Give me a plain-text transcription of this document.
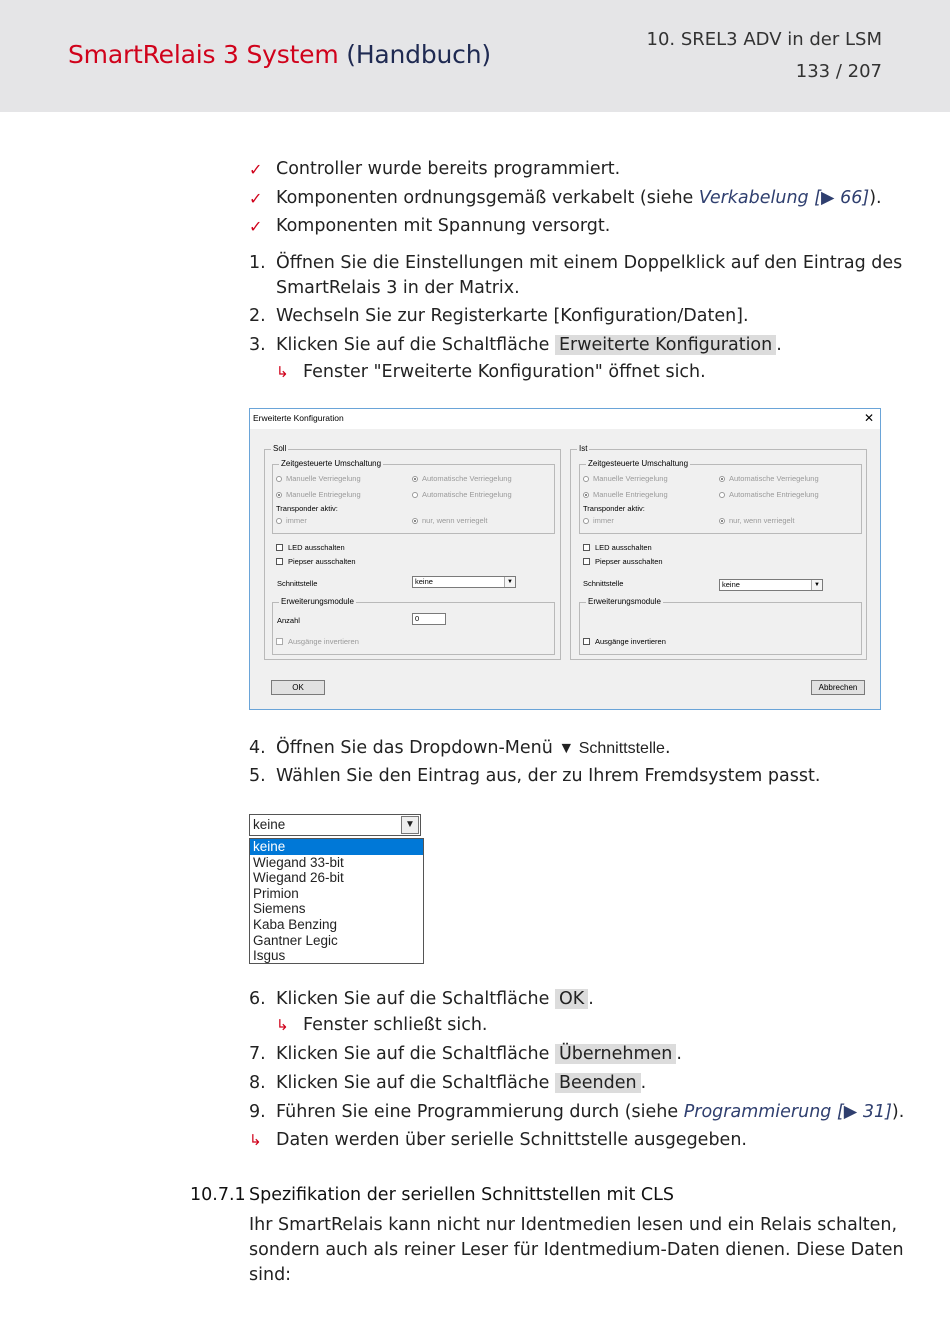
SmartRelais 3 System (Handbuch)
10. SREL3 ADV in der LSM
133 / 207
✓ Controller wurde bereits programmiert.
✓ Komponenten ordnungsgemäß verkabelt (siehe Verkabelung [▶ 66]).
✓ Komponenten mit Spannung versorgt.
1. Öffnen Sie die Einstellungen mit einem Doppelklick auf den Eintrag des
SmartRelais 3 in der Matrix.
2. Wechseln Sie zur Registerkarte [Konfiguration/Daten].
3. Klicken Sie auf die Schaltfläche Erweiterte Konfiguration .
↳ Fenster "Erweiterte Konfiguration" öffnet sich.
Erweiterte Konfiguration	✕
Soll
Zeitgesteuerte Umschaltung
Manuelle Verriegelung	Automatische Verriegelung
Manuelle Entriegelung	Automatische Entriegelung
Transponder aktiv:
immer	nur, wenn verriegelt
LED ausschalten
Piepser ausschalten
Schnittstelle	keine	▼
Erweiterungsmodule
Anzahl	0
Ausgänge invertieren
Ist
Zeitgesteuerte Umschaltung
Manuelle Verriegelung	Automatische Verriegelung
Manuelle Entriegelung	Automatische Entriegelung
Transponder aktiv:
immer	nur, wenn verriegelt
LED ausschalten
Piepser ausschalten
Schnittstelle	keine	▼
Erweiterungsmodule
Ausgänge invertieren
OK	Abbrechen
4. Öffnen Sie das Dropdown-Menü ▼ Schnittstelle.
5. Wählen Sie den Eintrag aus, der zu Ihrem Fremdsystem passt.
keine	▼
keine
Wiegand 33-bit
Wiegand 26-bit
Primion
Siemens
Kaba Benzing
Gantner Legic
Isgus
6. Klicken Sie auf die Schaltfläche OK .
↳ Fenster schließt sich.
7. Klicken Sie auf die Schaltfläche Übernehmen .
8. Klicken Sie auf die Schaltfläche Beenden .
9. Führen Sie eine Programmierung durch (siehe Programmierung [▶ 31]).
↳ Daten werden über serielle Schnittstelle ausgegeben.
10.7.1 Spezifikation der seriellen Schnittstellen mit CLS
Ihr SmartRelais kann nicht nur Identmedien lesen und ein Relais schalten,
sondern auch als reiner Leser für Identmedium-Daten dienen. Diese Daten
sind:
